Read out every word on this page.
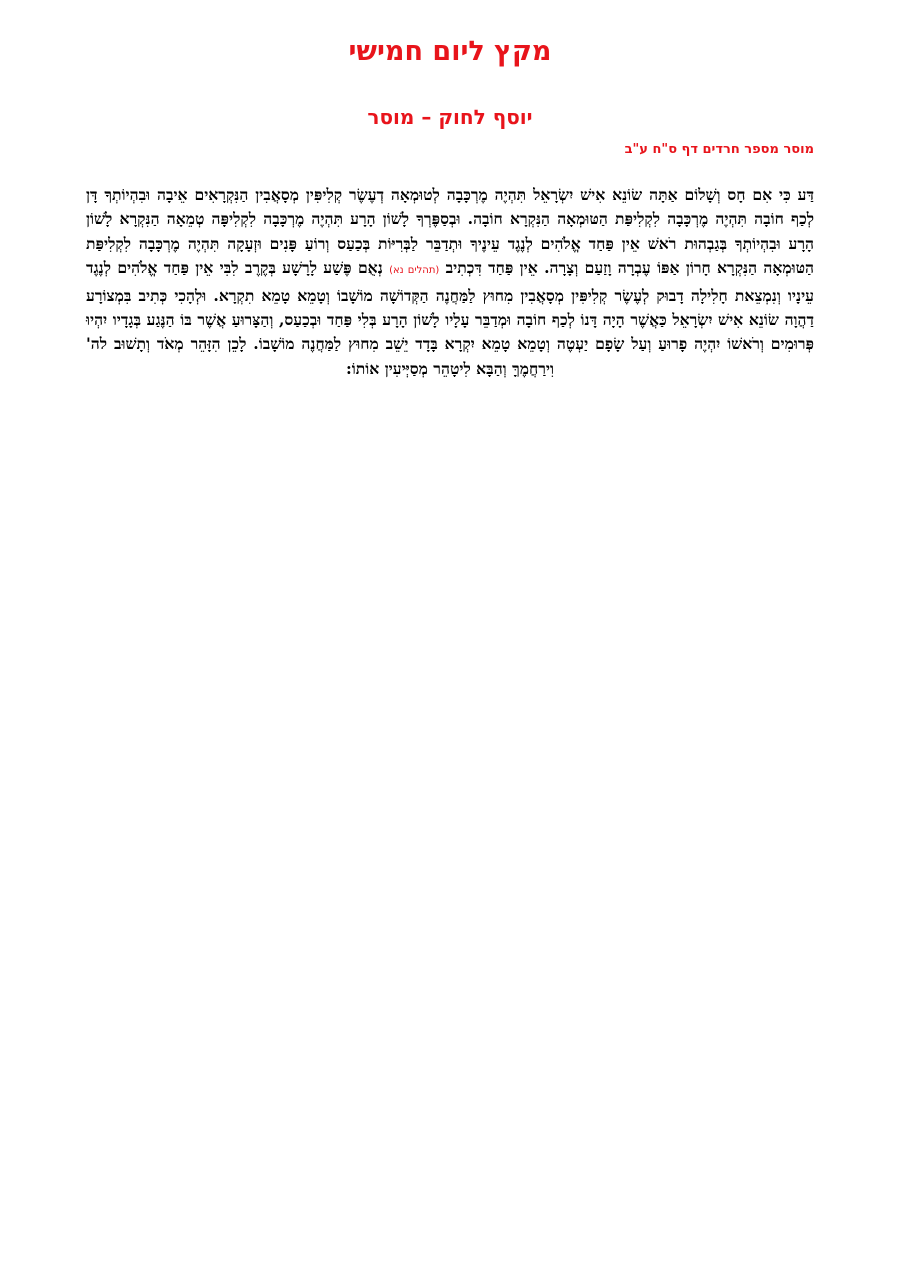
מקץ ליום חמישי
יוסף לחוק – מוסר
מוסר מספר חרדים דף ס"ח ע"ב

דַּע כִּי אִם חָס וְשָׁלוֹם אַתָּה שׂוֹנֵא אִישׁ יִשְׂרָאֵל תִּהְיֶה מֶרְכָּבָה לְטוּמְאָה דְעֶשֶׂר קְלִיפִּין מְסָאֲבִין הַנִּקְרָאִים אֵיבָה וּבִהְיוֹתְךָ דָּן לְכַף חוֹבָה תִּהְיֶה מֶרְכָּבָה לִקְלִיפַּת הַטּוּמְאָה הַנִּקְרָא חוֹבָה. וּבְסַפֶּרְךָ לָשׁוֹן הָרָע תִּהְיֶה מֶרְכָּבָה לִקְלִיפָּה טְמֵאָה הַנִּקְרָא לָשׁוֹן הָרָע וּבִהְיוֹתְךָ בְּגַבְהוּת רֹאשׁ אֵין פַּחַד אֱלֹהִים לְנֶגֶד עֵינֶיךָ וּתְדַבֵּר לַבְּרִיּוֹת בְּכַעַס וְרוֹעַ פָּנִים וּזְעָקָה תִּהְיֶה מֶרְכָּבָה לִקְלִיפַּת הַטּוּמְאָה הַנִּקְרָא חָרוֹן אַפּוֹ עֶבְרָה וָזַעַם וְצָרָה. אֵין פַּחַד דִּכְתִיב (תהלים נא) נְאֻם פֶּשַׁע לָרָשָׁע בְּקֶרֶב לִבִּי אֵין פַּחַד אֱלֹהִים לְנֶגֶד עֵינָיו וְנִמְצֵאת חָלִילָה דָבוּק לְעֶשֶׂר קְלִיפִּין מְסָאֲבִין מִחוּץ לַמַּחֲנֶה הַקְּדוֹשָׁה מוֹשָׁבוֹ וְטָמֵא טָמֵא תִקְרָא. וּלְהָכִי כְּתִיב בִּמְצוֹרָע דַהֲוָה שׂוֹנֵא אִישׁ יִשְׂרָאֵל כַּאֲשֶׁר הָיָה דָּנוֹ לְכַף חוֹבָה וּמְדַבֵּר עָלָיו לָשׁוֹן הָרָע בְּלִי פַּחַד וּבְכַעַס, וְהַצָּרוּעַ אֲשֶׁר בּוֹ הַנֶּגַע בְּגָדָיו יִהְיוּ פְּרוּמִים וְרֹאשׁוֹ יִהְיֶה פָרוּעַ וְעַל שָׂפָם יַעְטֶה וְטָמֵא טָמֵא יִקְרָא בָּדָד יֵשֵׁב מִחוּץ לַמַּחֲנֶה מוֹשָׁבוֹ. לָכֵן הִזָּהֵר מְאֹד וְתָשׁוּב לה' וִירַחֲמֶךָּ וְהַבָּא לִיטָהֵר מְסַיְּיעִין אוֹתוֹ:
